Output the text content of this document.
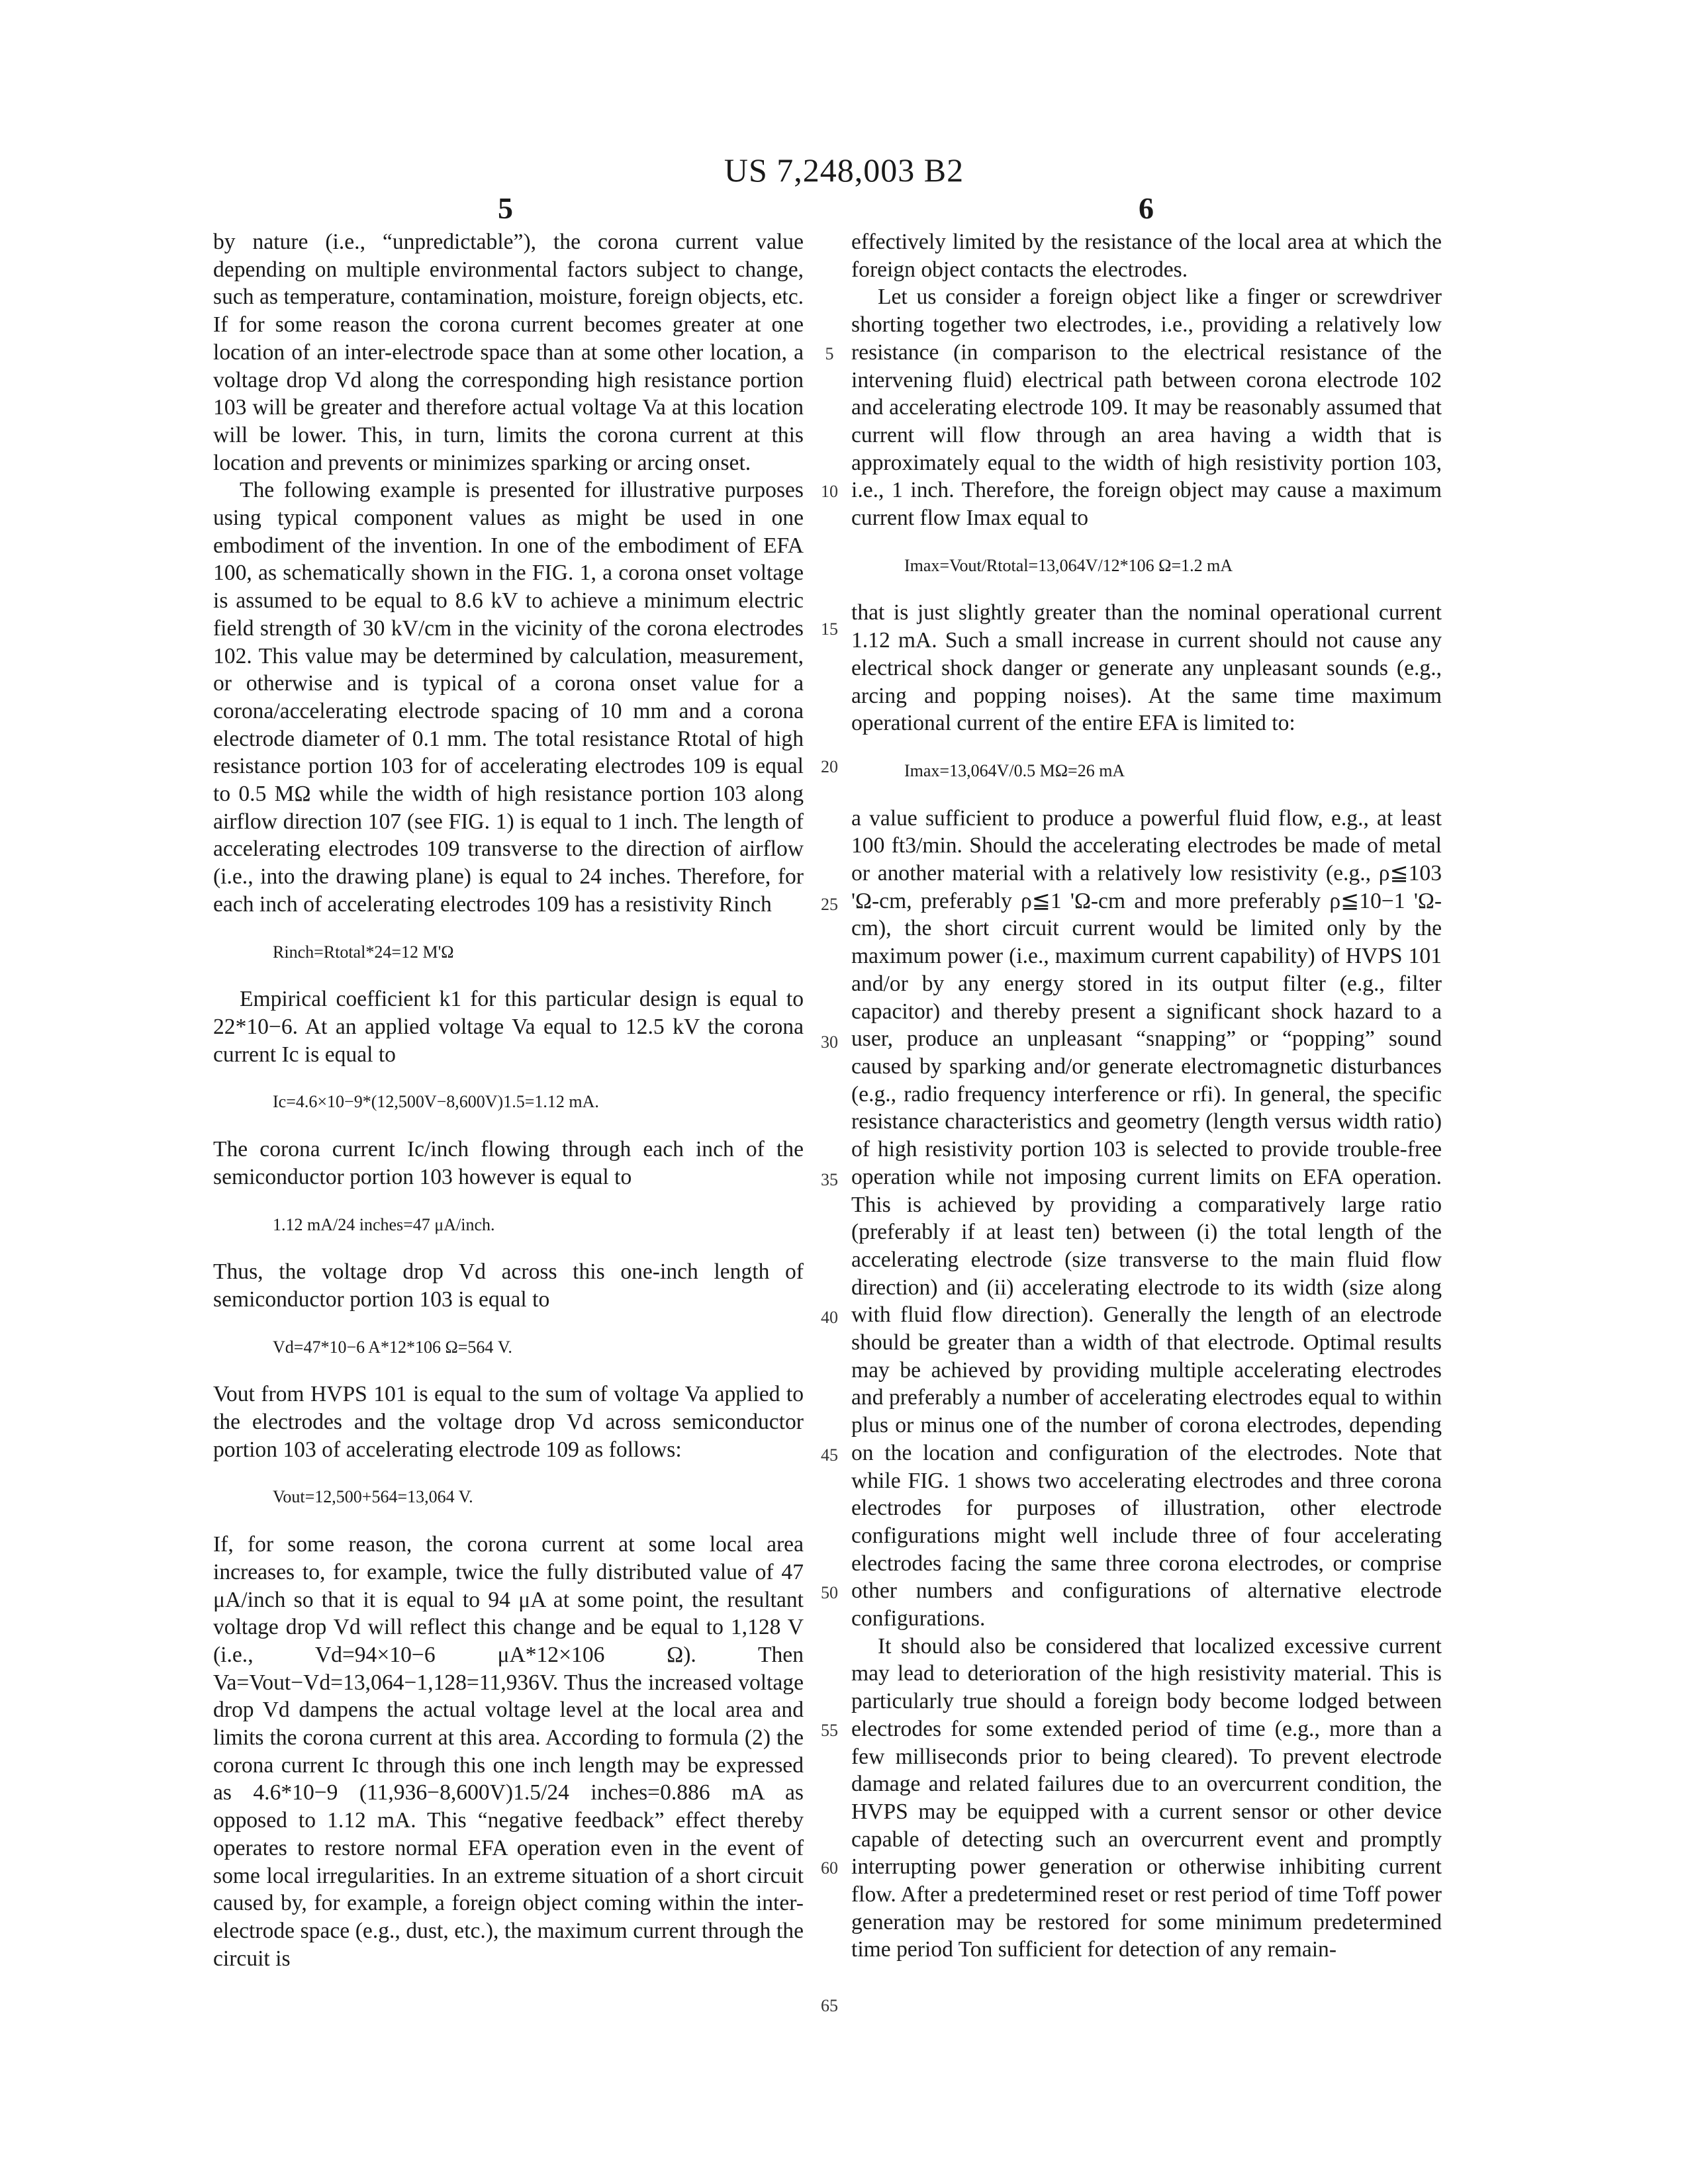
US 7,248,003 B2
5	6

by nature (i.e., “unpredictable”), the corona current value depending on multiple environmental factors subject to change, such as temperature, contamination, moisture, foreign objects, etc. If for some reason the corona current becomes greater at one location of an inter-electrode space than at some other location, a voltage drop Vd along the corresponding high resistance portion 103 will be greater and therefore actual voltage Va at this location will be lower. This, in turn, limits the corona current at this location and prevents or minimizes sparking or arcing onset.

The following example is presented for illustrative purposes using typical component values as might be used in one embodiment of the invention. In one of the embodiment of EFA 100, as schematically shown in the FIG. 1, a corona onset voltage is assumed to be equal to 8.6 kV to achieve a minimum electric field strength of 30 kV/cm in the vicinity of the corona electrodes 102. This value may be determined by calculation, measurement, or otherwise and is typical of a corona onset value for a corona/accelerating electrode spacing of 10 mm and a corona electrode diameter of 0.1 mm. The total resistance Rtotal of high resistance portion 103 for of accelerating electrodes 109 is equal to 0.5 MΩ while the width of high resistance portion 103 along airflow direction 107 (see FIG. 1) is equal to 1 inch. The length of accelerating electrodes 109 transverse to the direction of airflow (i.e., into the drawing plane) is equal to 24 inches. Therefore, for each inch of accelerating electrodes 109 has a resistivity Rinch

Rinch=Rtotal*24=12 M'Ω

Empirical coefficient k1 for this particular design is equal to 22*10−6. At an applied voltage Va equal to 12.5 kV the corona current Ic is equal to

Ic=4.6×10−9*(12,500V−8,600V)1.5=1.12 mA.

The corona current Ic/inch flowing through each inch of the semiconductor portion 103 however is equal to

1.12 mA/24 inches=47 μA/inch.

Thus, the voltage drop Vd across this one-inch length of semiconductor portion 103 is equal to

Vd=47*10−6 A*12*106 Ω=564 V.

Vout from HVPS 101 is equal to the sum of voltage Va applied to the electrodes and the voltage drop Vd across semiconductor portion 103 of accelerating electrode 109 as follows:

Vout=12,500+564=13,064 V.

If, for some reason, the corona current at some local area increases to, for example, twice the fully distributed value of 47 μA/inch so that it is equal to 94 μA at some point, the resultant voltage drop Vd will reflect this change and be equal to 1,128 V (i.e., Vd=94×10−6 μA*12×106 Ω). Then Va=Vout−Vd=13,064−1,128=11,936V. Thus the increased voltage drop Vd dampens the actual voltage level at the local area and limits the corona current at this area. According to formula (2) the corona current Ic through this one inch length may be expressed as 4.6*10−9 (11,936−8,600V)1.5/24 inches=0.886 mA as opposed to 1.12 mA. This “negative feedback” effect thereby operates to restore normal EFA operation even in the event of some local irregularities. In an extreme situation of a short circuit caused by, for example, a foreign object coming within the inter-electrode space (e.g., dust, etc.), the maximum current through the circuit is

5
10
15
20
25
30
35
40
45
50
55
60
65

effectively limited by the resistance of the local area at which the foreign object contacts the electrodes.

Let us consider a foreign object like a finger or screwdriver shorting together two electrodes, i.e., providing a relatively low resistance (in comparison to the electrical resistance of the intervening fluid) electrical path between corona electrode 102 and accelerating electrode 109. It may be reasonably assumed that current will flow through an area having a width that is approximately equal to the width of high resistivity portion 103, i.e., 1 inch. Therefore, the foreign object may cause a maximum current flow Imax equal to

Imax=Vout/Rtotal=13,064V/12*106 Ω=1.2 mA

that is just slightly greater than the nominal operational current 1.12 mA. Such a small increase in current should not cause any electrical shock danger or generate any unpleasant sounds (e.g., arcing and popping noises). At the same time maximum operational current of the entire EFA is limited to:

Imax=13,064V/0.5 MΩ=26 mA

a value sufficient to produce a powerful fluid flow, e.g., at least 100 ft3/min. Should the accelerating electrodes be made of metal or another material with a relatively low resistivity (e.g., ρ≦103 'Ω-cm, preferably ρ≦1 'Ω-cm and more preferably ρ≦10−1 'Ω-cm), the short circuit current would be limited only by the maximum power (i.e., maximum current capability) of HVPS 101 and/or by any energy stored in its output filter (e.g., filter capacitor) and thereby present a significant shock hazard to a user, produce an unpleasant “snapping” or “popping” sound caused by sparking and/or generate electromagnetic disturbances (e.g., radio frequency interference or rfi). In general, the specific resistance characteristics and geometry (length versus width ratio) of high resistivity portion 103 is selected to provide trouble-free operation while not imposing current limits on EFA operation. This is achieved by providing a comparatively large ratio (preferably if at least ten) between (i) the total length of the accelerating electrode (size transverse to the main fluid flow direction) and (ii) accelerating electrode to its width (size along with fluid flow direction). Generally the length of an electrode should be greater than a width of that electrode. Optimal results may be achieved by providing multiple accelerating electrodes and preferably a number of accelerating electrodes equal to within plus or minus one of the number of corona electrodes, depending on the location and configuration of the electrodes. Note that while FIG. 1 shows two accelerating electrodes and three corona electrodes for purposes of illustration, other electrode configurations might well include three of four accelerating electrodes facing the same three corona electrodes, or comprise other numbers and configurations of alternative electrode configurations.

It should also be considered that localized excessive current may lead to deterioration of the high resistivity material. This is particularly true should a foreign body become lodged between electrodes for some extended period of time (e.g., more than a few milliseconds prior to being cleared). To prevent electrode damage and related failures due to an overcurrent condition, the HVPS may be equipped with a current sensor or other device capable of detecting such an overcurrent event and promptly interrupting power generation or otherwise inhibiting current flow. After a predetermined reset or rest period of time Toff power generation may be restored for some minimum predetermined time period Ton sufficient for detection of any remain-
